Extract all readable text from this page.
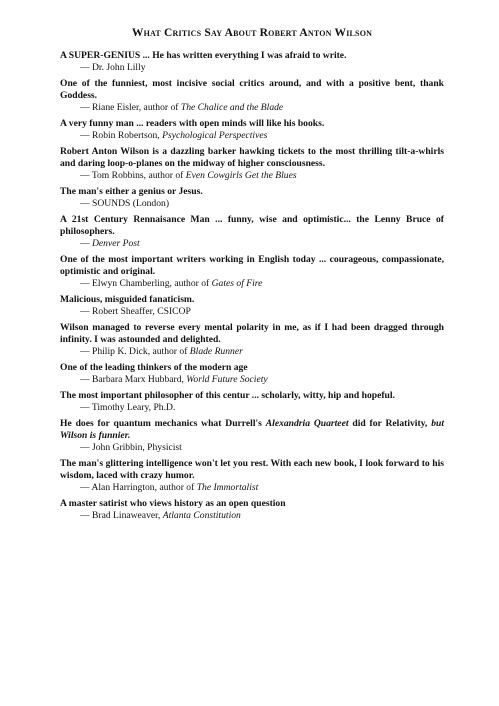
What Critics Say About Robert Anton Wilson
A SUPER-GENIUS ... He has written everything I was afraid to write.
— Dr. John Lilly
One of the funniest, most incisive social critics around, and with a positive bent, thank Goddess.
— Riane Eisler, author of The Chalice and the Blade
A very funny man ... readers with open minds will like his books.
— Robin Robertson, Psychological Perspectives
Robert Anton Wilson is a dazzling barker hawking tickets to the most thrilling tilt-a-whirls and daring loop-o-planes on the midway of higher consciousness.
— Tom Robbins, author of Even Cowgirls Get the Blues
The man's either a genius or Jesus.
— SOUNDS (London)
A 21st Century Rennaisance Man ... funny, wise and optimistic... the Lenny Bruce of philosophers.
— Denver Post
One of the most important writers working in English today ... courageous, compassionate, optimistic and original.
— Elwyn Chamberling, author of Gates of Fire
Malicious, misguided fanaticism.
— Robert Sheaffer, CSICOP
Wilson managed to reverse every mental polarity in me, as if I had been dragged through infinity. I was astounded and delighted.
— Philip K. Dick, author of Blade Runner
One of the leading thinkers of the modern age
— Barbara Marx Hubbard, World Future Society
The most important philosopher of this centur ... scholarly, witty, hip and hopeful.
— Timothy Leary, Ph.D.
He does for quantum mechanics what Durrell's Alexandria Quarteet did for Relativity, but Wilson is funnier.
— John Gribbin, Physicist
The man's glittering intelligence won't let you rest. With each new book, I look forward to his wisdom, laced with crazy humor.
— Alan Harrington, author of The Immortalist
A master satirist who views history as an open question
— Brad Linaweaver, Atlanta Constitution
